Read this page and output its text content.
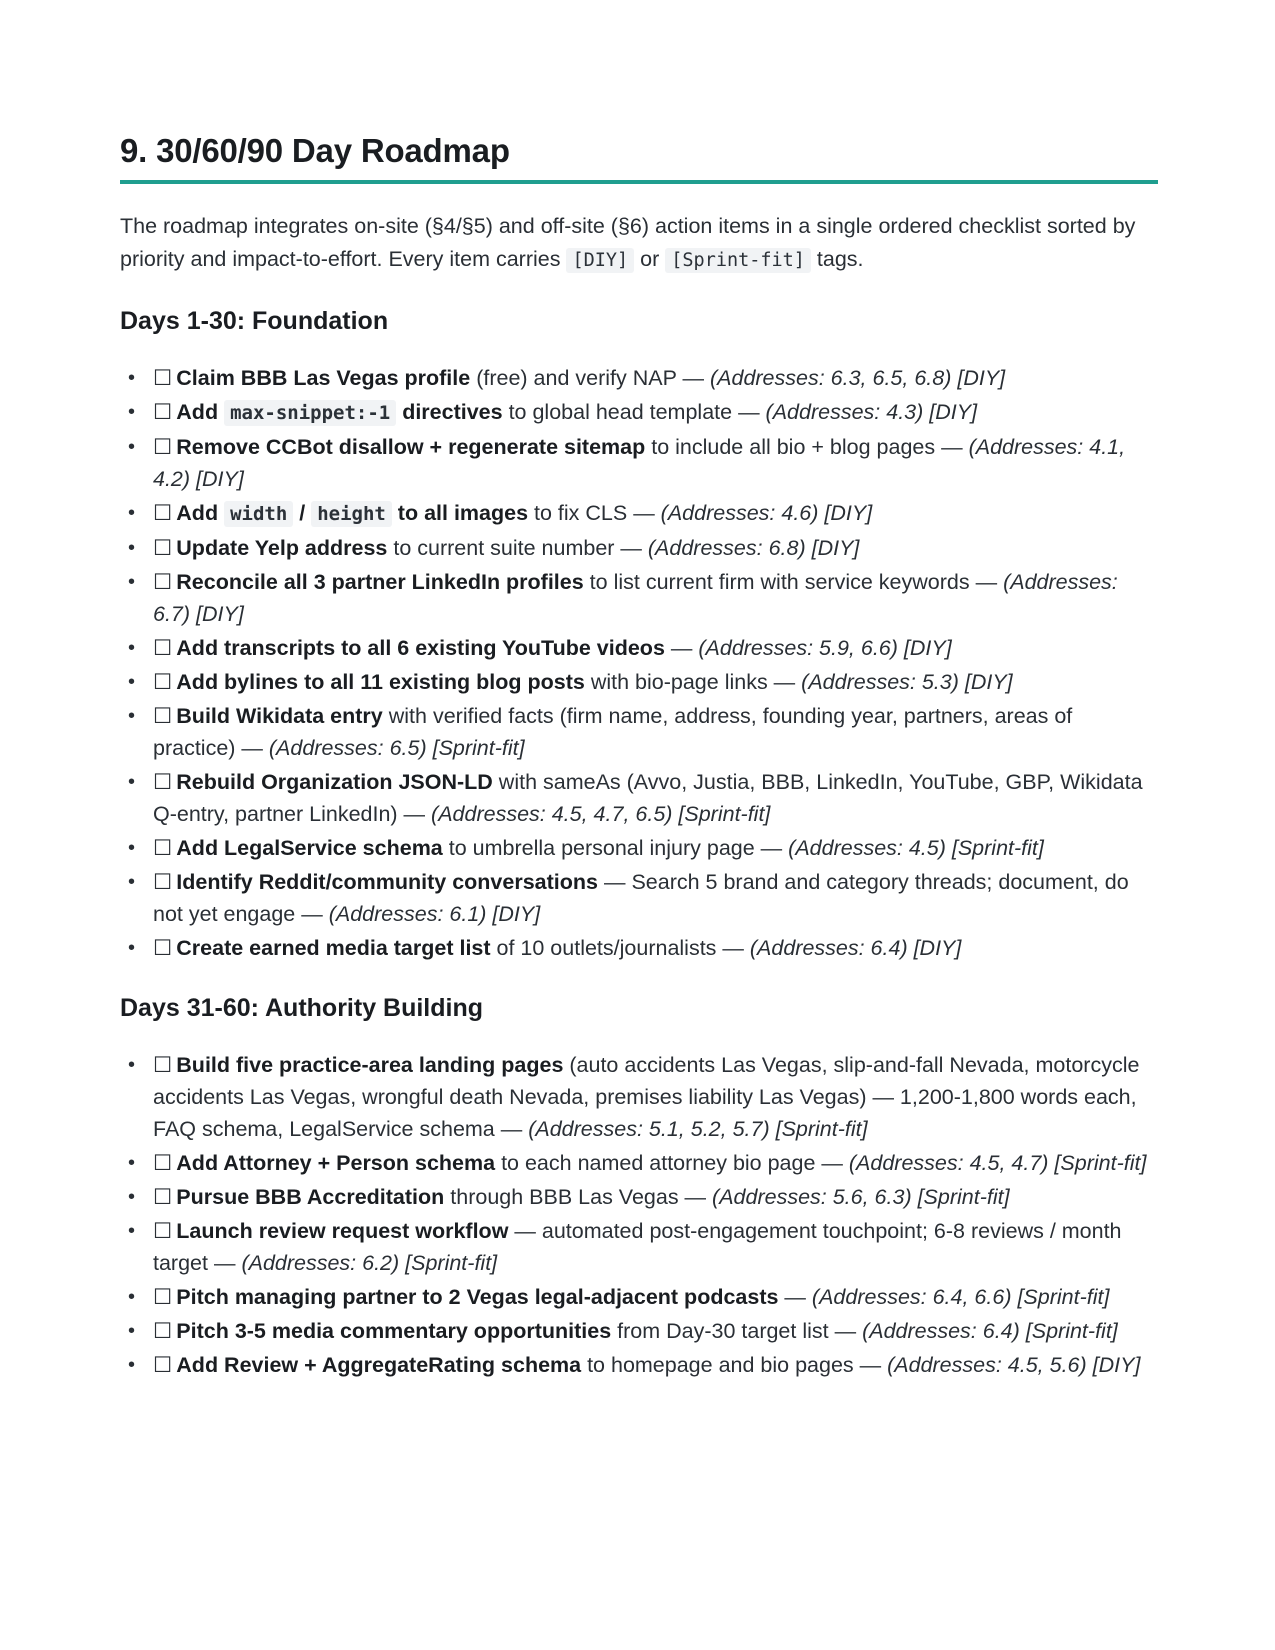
9. 30/60/90 Day Roadmap

The roadmap integrates on-site (§4/§5) and off-site (§6) action items in a single ordered checklist sorted by priority and impact-to-effort. Every item carries [DIY] or [Sprint-fit] tags.

Days 1-30: Foundation
• ☐ Claim BBB Las Vegas profile (free) and verify NAP — (Addresses: 6.3, 6.5, 6.8) [DIY]
• ☐ Add max-snippet:-1 directives to global head template — (Addresses: 4.3) [DIY]
• ☐ Remove CCBot disallow + regenerate sitemap to include all bio + blog pages — (Addresses: 4.1, 4.2) [DIY]
• ☐ Add width / height to all images to fix CLS — (Addresses: 4.6) [DIY]
• ☐ Update Yelp address to current suite number — (Addresses: 6.8) [DIY]
• ☐ Reconcile all 3 partner LinkedIn profiles to list current firm with service keywords — (Addresses: 6.7) [DIY]
• ☐ Add transcripts to all 6 existing YouTube videos — (Addresses: 5.9, 6.6) [DIY]
• ☐ Add bylines to all 11 existing blog posts with bio-page links — (Addresses: 5.3) [DIY]
• ☐ Build Wikidata entry with verified facts (firm name, address, founding year, partners, areas of practice) — (Addresses: 6.5) [Sprint-fit]
• ☐ Rebuild Organization JSON-LD with sameAs (Avvo, Justia, BBB, LinkedIn, YouTube, GBP, Wikidata Q-entry, partner LinkedIn) — (Addresses: 4.5, 4.7, 6.5) [Sprint-fit]
• ☐ Add LegalService schema to umbrella personal injury page — (Addresses: 4.5) [Sprint-fit]
• ☐ Identify Reddit/community conversations — Search 5 brand and category threads; document, do not yet engage — (Addresses: 6.1) [DIY]
• ☐ Create earned media target list of 10 outlets/journalists — (Addresses: 6.4) [DIY]
Days 31-60: Authority Building
• ☐ Build five practice-area landing pages (auto accidents Las Vegas, slip-and-fall Nevada, motorcycle accidents Las Vegas, wrongful death Nevada, premises liability Las Vegas) — 1,200-1,800 words each, FAQ schema, LegalService schema — (Addresses: 5.1, 5.2, 5.7) [Sprint-fit]
• ☐ Add Attorney + Person schema to each named attorney bio page — (Addresses: 4.5, 4.7) [Sprint-fit]
• ☐ Pursue BBB Accreditation through BBB Las Vegas — (Addresses: 5.6, 6.3) [Sprint-fit]
• ☐ Launch review request workflow — automated post-engagement touchpoint; 6-8 reviews / month target — (Addresses: 6.2) [Sprint-fit]
• ☐ Pitch managing partner to 2 Vegas legal-adjacent podcasts — (Addresses: 6.4, 6.6) [Sprint-fit]
• ☐ Pitch 3-5 media commentary opportunities from Day-30 target list — (Addresses: 6.4) [Sprint-fit]
• ☐ Add Review + AggregateRating schema to homepage and bio pages — (Addresses: 4.5, 5.6) [DIY]
